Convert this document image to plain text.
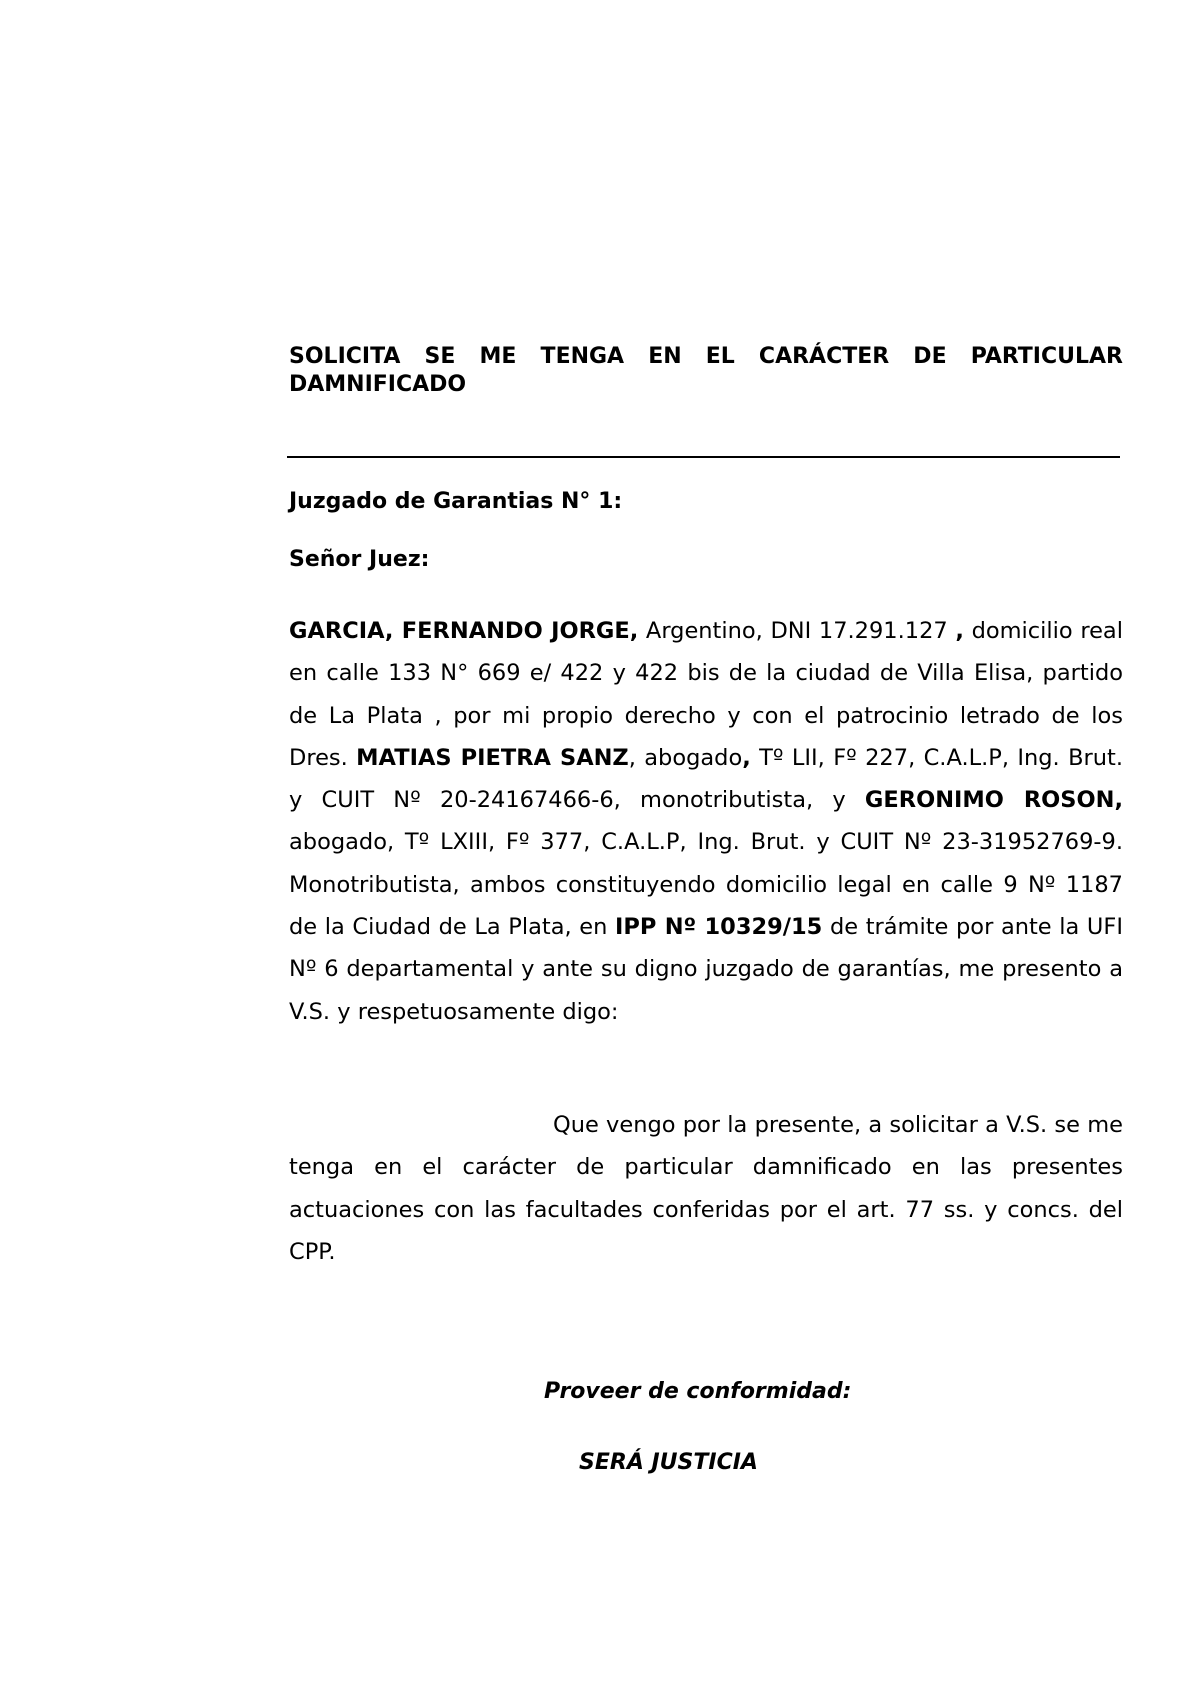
SOLICITA SE ME TENGA EN EL CARÁCTER DE PARTICULAR DAMNIFICADO
Juzgado de Garantias N° 1:
Señor Juez:
GARCIA, FERNANDO JORGE, Argentino, DNI 17.291.127 , domicilio real en calle 133 N° 669 e/ 422 y 422 bis de la ciudad de Villa Elisa, partido de La Plata , por mi propio derecho y con el patrocinio letrado de los Dres. MATIAS PIETRA SANZ, abogado, Tº LII, Fº 227, C.A.L.P, Ing. Brut. y CUIT Nº 20-24167466-6, monotributista, y GERONIMO ROSON, abogado, Tº LXIII, Fº 377, C.A.L.P, Ing. Brut. y CUIT Nº 23-31952769-9. Monotributista, ambos constituyendo domicilio legal en calle 9 Nº 1187 de la Ciudad de La Plata, en IPP Nº 10329/15 de trámite por ante la UFI Nº 6 departamental y ante su digno juzgado de garantías, me presento a V.S. y respetuosamente digo:
Que vengo por la presente, a solicitar a V.S. se me tenga en el carácter de particular damnificado en las presentes actuaciones con las facultades conferidas por el art. 77 ss. y concs. del CPP.
Proveer de conformidad:
SERÁ JUSTICIA
